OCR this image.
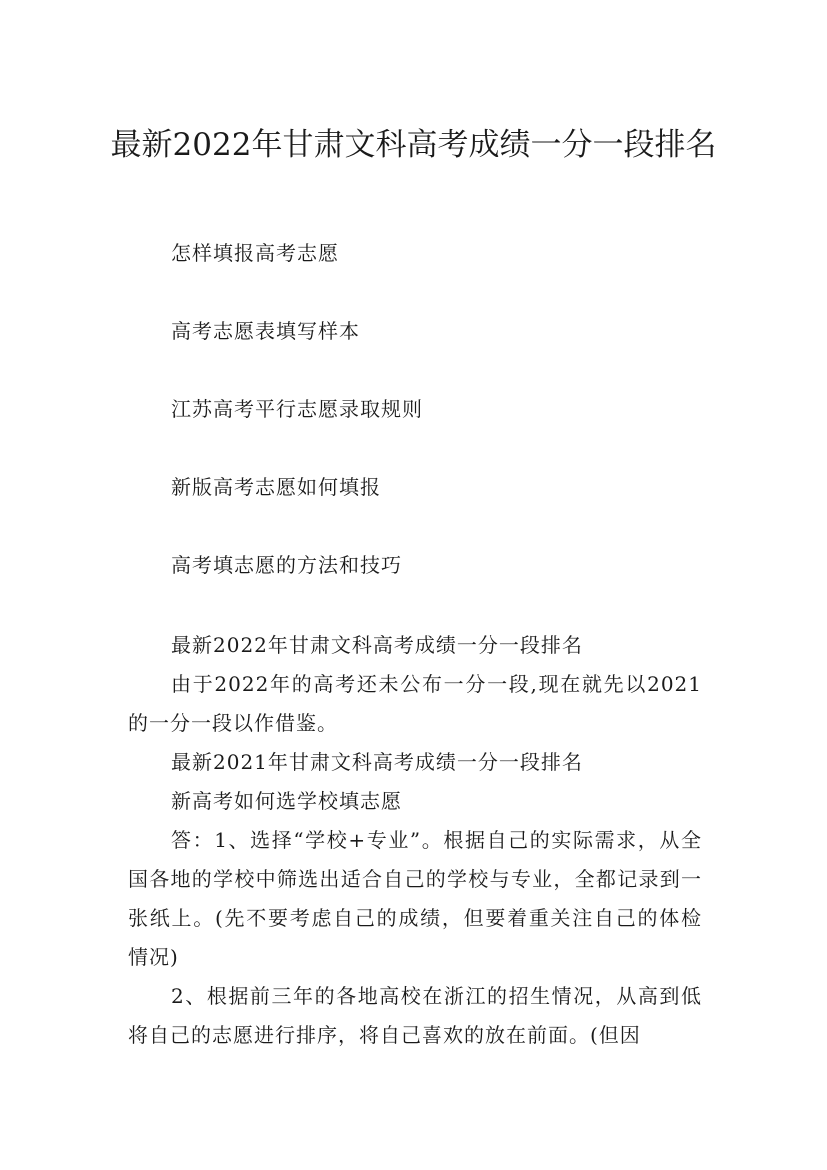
最新2022年甘肃文科高考成绩一分一段排名
怎样填报高考志愿
高考志愿表填写样本
江苏高考平行志愿录取规则
新版高考志愿如何填报
高考填志愿的方法和技巧

最新2022年甘肃文科高考成绩一分一段排名

由于2022年的高考还未公布一分一段,现在就先以2021的一分一段以作借鉴。

最新2021年甘肃文科高考成绩一分一段排名

新高考如何选学校填志愿

答：1、选择“学校+专业”。根据自己的实际需求，从全国各地的学校中筛选出适合自己的学校与专业，全都记录到一张纸上。(先不要考虑自己的成绩，但要着重关注自己的体检情况)

2、根据前三年的各地高校在浙江的招生情况，从高到低将自己的志愿进行排序，将自己喜欢的放在前面。(但因
